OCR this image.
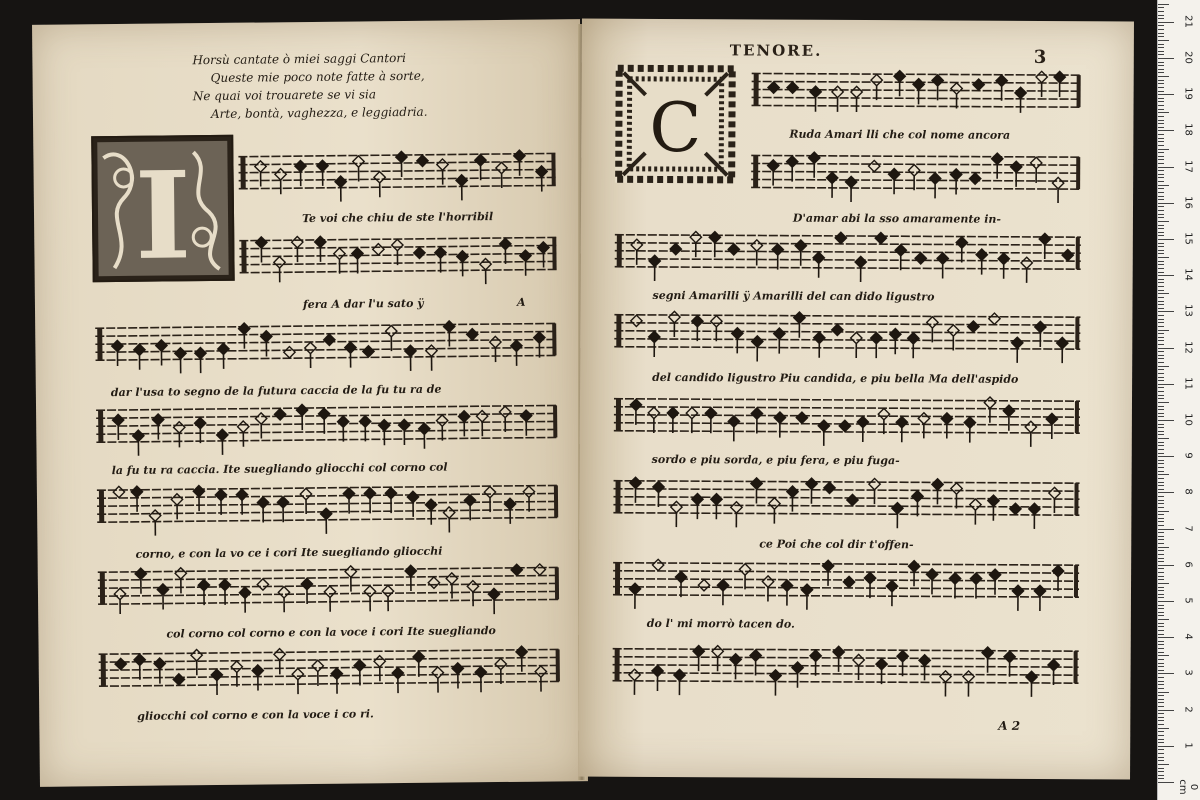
Horsù cantate ò miei saggi Cantori
Queste mie poco note fatte à sorte,
Ne quai voi trouarete se vi sia
Arte, bontà, vaghezza, e leggiadria.
I	Te voi che chiu de ste l'horribil
fera A dar l'u sato ÿ	A
dar l'usa to segno de la futura caccia de la fu tu ra de
la fu tu ra caccia. Ite suegliando gliocchi col corno col
corno, e con la vo ce i cori Ite suegliando gliocchi
col corno col corno e con la voce i cori Ite suegliando
gliocchi col corno e con la voce i co ri.
TENORE.	3
C	Ruda Amari lli che col nome ancora
D'amar abi la sso amaramente in-
segni Amarilli ÿ Amarilli del can dido ligustro
del candido ligustro Piu candida, e piu bella Ma dell'aspido
sordo e piu sorda, e piu fera, e piu fuga-
ce Poi che col dir t'offen-
do l' mi morrò tacen do.
A 2
0 cm
1
2
3
4
5
6
7
8
9
10
11
12
13
14
15
16
17
18
19
20
21
